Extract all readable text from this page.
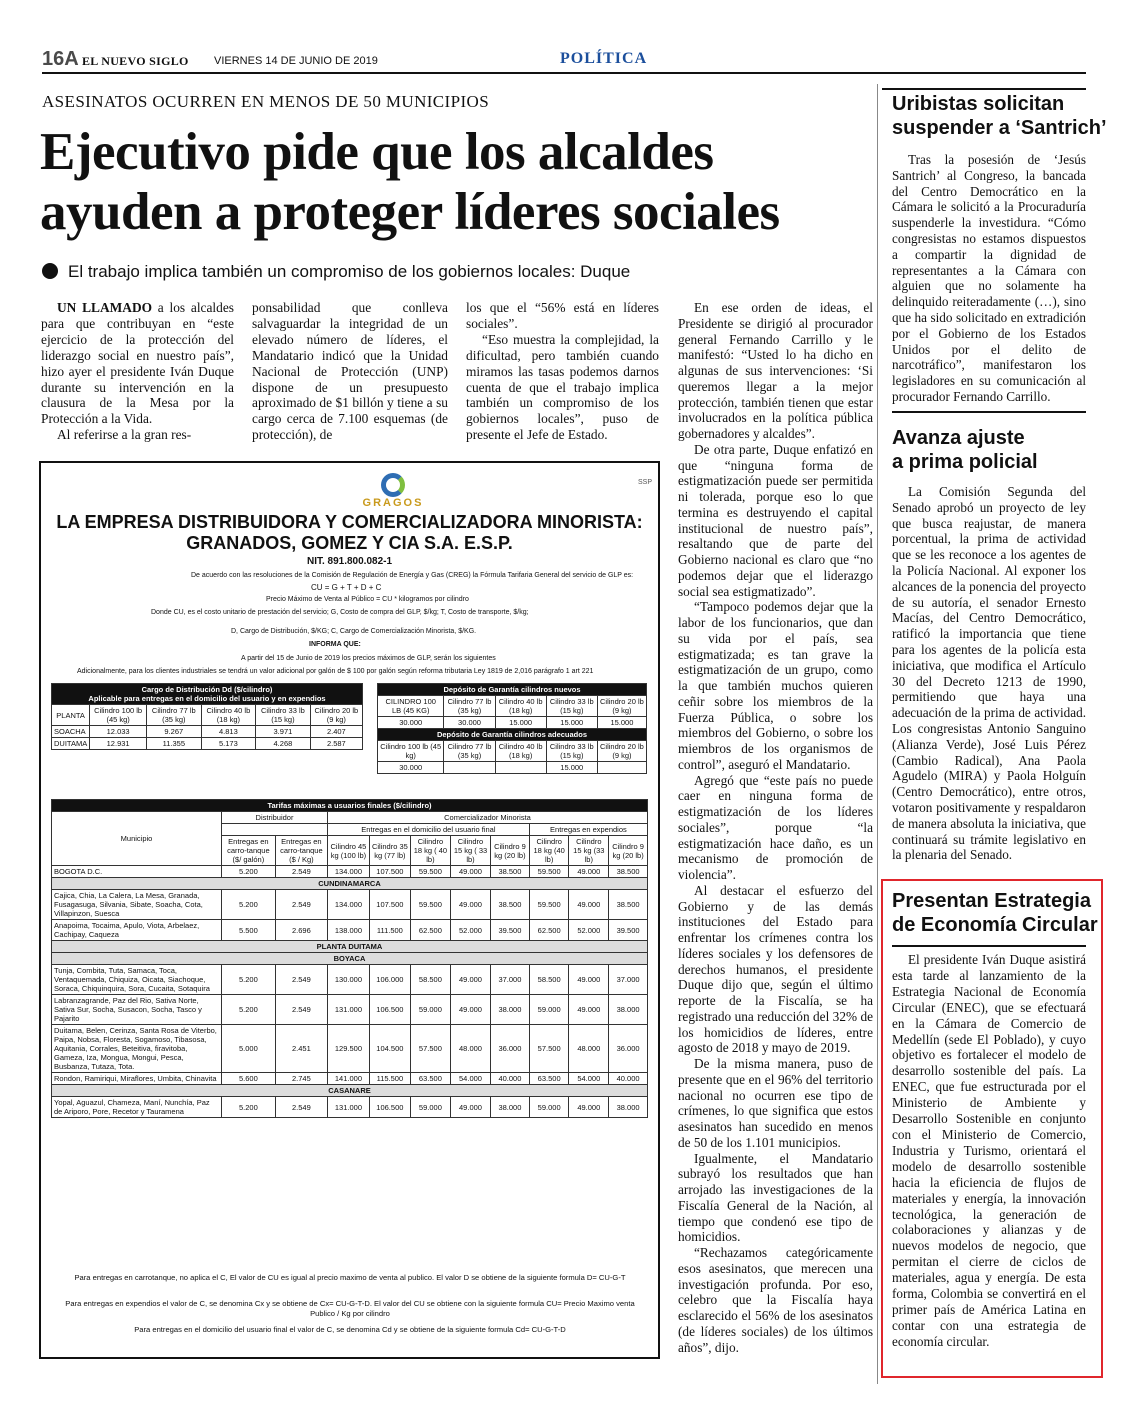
16A EL NUEVO SIGLO VIERNES 14 DE JUNIO DE 2019	POLÍTICA
ASESINATOS OCURREN EN MENOS DE 50 MUNICIPIOS
Ejecutivo pide que los alcaldes
ayuden a proteger líderes sociales
El trabajo implica también un compromiso de los gobiernos locales: Duque

UN LLAMADO a los alcaldes para que contribuyan en “este ejercicio de la protección del liderazgo social en nuestro país”, hizo ayer el presidente Iván Duque durante su intervención en la clausura de la Mesa por la Protección a la Vida.

Al referirse a la gran res-

ponsabilidad que conlleva salvaguardar la integridad de un elevado número de líderes, el Mandatario indicó que la Unidad Nacional de Protección (UNP) dispone de un presupuesto aproximado de $1 billón y tiene a su cargo cerca de 7.100 esquemas (de protección), de

los que el “56% está en líderes sociales”.

“Eso muestra la complejidad, la dificultad, pero también cuando miramos las tasas podemos darnos cuenta de que el trabajo implica también un compromiso de los gobiernos locales”, puso de presente el Jefe de Estado.

En ese orden de ideas, el Presidente se dirigió al procurador general Fernando Carrillo y le manifestó: “Usted lo ha dicho en algunas de sus intervenciones: ‘Si queremos llegar a la mejor protección, también tienen que estar involucrados en la política pública gobernadores y alcaldes”.

De otra parte, Duque enfatizó en que “ninguna forma de estigmatización puede ser permitida ni tolerada, porque eso lo que termina es destruyendo el capital institucional de nuestro país”, resaltando que de parte del Gobierno nacional es claro que “no podemos dejar que el liderazgo social sea estigmatizado”.

“Tampoco podemos dejar que la labor de los funcionarios, que dan su vida por el país, sea estigmatizada; es tan grave la estigmatización de un grupo, como la que también muchos quieren ceñir sobre los miembros de la Fuerza Pública, o sobre los miembros del Gobierno, o sobre los miembros de los organismos de control”, aseguró el Mandatario.

Agregó que “este país no puede caer en ninguna forma de estigmatización de los líderes sociales”, porque “la estigmatización hace daño, es un mecanismo de promoción de violencia”.

Al destacar el esfuerzo del Gobierno y de las demás instituciones del Estado para enfrentar los crímenes contra los líderes sociales y los defensores de derechos humanos, el presidente Duque dijo que, según el último reporte de la Fiscalía, se ha registrado una reducción del 32% de los homicidios de líderes, entre agosto de 2018 y mayo de 2019.

De la misma manera, puso de presente que en el 96% del territorio nacional no ocurren ese tipo de crímenes, lo que significa que estos asesinatos han sucedido en menos de 50 de los 1.101 municipios.

Igualmente, el Mandatario subrayó los resultados que han arrojado las investigaciones de la Fiscalía General de la Nación, al tiempo que condenó ese tipo de homicidios.

“Rechazamos categóricamente esos asesinatos, que merecen una investigación profunda. Por eso, celebro que la Fiscalía haya esclarecido el 56% de los asesinatos (de líderes sociales) de los últimos años”, dijo.

GRAGOS
SSP
LA EMPRESA DISTRIBUIDORA Y COMERCIALIZADORA MINORISTA:
GRANADOS, GOMEZ Y CIA S.A. E.S.P.
NIT. 891.800.082-1
De acuerdo con las resoluciones de la Comisión de Regulación de Energía y Gas (CREG) la Fórmula Tarifaria General del servicio de GLP es:
CU = G + T + D + C
Precio Máximo de Venta al Público = CU * kilogramos por cilindro
Donde CU, es el costo unitario de prestación del servicio; G, Costo de compra del GLP, $/kg; T, Costo de transporte, $/kg;
D, Cargo de Distribución, $/KG; C, Cargo de Comercialización Minorista, $/KG.
INFORMA QUE:
A partir del 15 de Junio de 2019 los precios máximos de GLP, serán los siguientes
Adicionalmente, para los clientes industriales se tendrá un valor adicional por galón de $ 100 por galón según reforma tributaria Ley 1819 de 2,016 parágrafo 1 art 221
Cargo de Distribución Dd ($/cilindro)
Aplicable para entregas en el domicilio del usuario y en expendios					
PLANTA	Cilindro 100 lb (45 kg)	Cilindro 77 lb (35 kg)	Cilindro 40 lb (18 kg)	Cilindro 33 lb (15 kg)	Cilindro 20 lb (9 kg)
SOACHA	12.033	9.267	4.813	3.971	2.407
DUITAMA	12.931	11.355	5.173	4.268	2.587
Depósito de Garantía cilindros nuevos				
CILINDRO 100 LB (45 KG)	Cilindro 77 lb (35 kg)	Cilindro 40 lb (18 kg)	Cilindro 33 lb (15 kg)	Cilindro 20 lb (9 kg)
30.000	30.000	15.000	15.000	15.000
Depósito de Garantía cilindros adecuados				
Cilindro 100 lb (45 kg)	Cilindro 77 lb (35 kg)	Cilindro 40 lb (18 kg)	Cilindro 33 lb (15 kg)	Cilindro 20 lb (9 kg)
30.000			15.000	
Tarifas máximas a usuarios finales ($/cilindro)										
Municipio	Distribuidor		Comercializador Minorista							
			Entregas en el domicilio del usuario final					Entregas en expendios		
	Entregas en carro-tanque ($/ galón)	Entregas en carro-tanque ($ / Kg)	Cilindro 45 kg (100 lb)	Cilindro 35 kg (77 lb)	Cilindro 18 kg ( 40 lb)	Cilindro 15 kg ( 33 lb)	Cilindro 9 kg (20 lb)	Cilindro 18 kg (40 lb)	Cilindro 15 kg (33 lb)	Cilindro 9 kg (20 lb)
BOGOTA D.C.	5.200	2.549	134.000	107.500	59.500	49.000	38.500	59.500	49.000	38.500
CUNDINAMARCA										
Cajica, Chia, La Calera, La Mesa, Granada, Fusagasuga, Silvania, Sibate, Soacha, Cota, Villapinzon, Suesca	5.200	2.549	134.000	107.500	59.500	49.000	38.500	59.500	49.000	38.500
Anapoima, Tocaima, Apulo, Viota, Arbelaez, Cachipay, Caqueza	5.500	2.696	138.000	111.500	62.500	52.000	39.500	62.500	52.000	39.500
PLANTA DUITAMA										
BOYACA										
Tunja, Combita, Tuta, Samaca, Toca, Ventaquemada, Chiquiza, Oicata, Siachoque, Soraca, Chiquinquira, Sora, Cucaita, Sotaquira	5.200	2.549	130.000	106.000	58.500	49.000	37.000	58.500	49.000	37.000
Labranzagrande, Paz del Rio, Sativa Norte, Sativa Sur, Socha, Susacon, Socha, Tasco y Pajarito	5.200	2.549	131.000	106.500	59.000	49.000	38.000	59.000	49.000	38.000
Duitama, Belen, Cerinza, Santa Rosa de Viterbo, Paipa, Nobsa, Floresta, Sogamoso, Tibasosa, Aquitania, Corrales, Beteitiva, firavitoba, Gameza, Iza, Mongua, Mongui, Pesca, Busbanza, Tutaza, Tota.	5.000	2.451	129.500	104.500	57.500	48.000	36.000	57.500	48.000	36.000
Rondon, Ramiriqui, Miraflores, Umbita, Chinavita	5.600	2.745	141.000	115.500	63.500	54.000	40.000	63.500	54.000	40.000
CASANARE										
Yopal, Aguazul, Chameza, Maní, Nunchía, Paz de Ariporo, Pore, Recetor y Tauramena	5.200	2.549	131.000	106.500	59.000	49.000	38.000	59.000	49.000	38.000
Para entregas en carrotanque, no aplica el C, El valor de CU es igual al precio maximo de venta al publico. El valor D se obtiene de la siguiente formula D= CU-G-T
Para entregas en expendios el valor de C, se denomina Cx y se obtiene de Cx= CU-G-T-D. El valor del CU se obtiene con la siguiente formula CU= Precio Maximo venta Publico / Kg por cilindro
Para entregas en el domicilio del usuario final el valor de C, se denomina Cd y se obtiene de la siguiente formula Cd= CU-G-T-D
Uribistas solicitan
suspender a ‘Santrich’

Tras la posesión de ‘Jesús Santrich’ al Congreso, la bancada del Centro Democrático en la Cámara le solicitó a la Procuraduría suspenderle la investidura. “Cómo congresistas no estamos dispuestos a compartir la dignidad de representantes a la Cámara con alguien que no solamente ha delinquido reiteradamente (…), sino que ha sido solicitado en extradición por el Gobierno de los Estados Unidos por el delito de narcotráfico”, manifestaron los legisladores en su comunicación al procurador Fernando Carrillo.

Avanza ajuste
a prima policial

La Comisión Segunda del Senado aprobó un proyecto de ley que busca reajustar, de manera porcentual, la prima de actividad que se les reconoce a los agentes de la Policía Nacional. Al exponer los alcances de la ponencia del proyecto de su autoría, el senador Ernesto Macías, del Centro Democrático, ratificó la importancia que tiene para los agentes de la policía esta iniciativa, que modifica el Artículo 30 del Decreto 1213 de 1990, permitiendo que haya una adecuación de la prima de actividad. Los congresistas Antonio Sanguino (Alianza Verde), José Luis Pérez (Cambio Radical), Ana Paola Agudelo (MIRA) y Paola Holguín (Centro Democrático), entre otros, votaron positivamente y respaldaron de manera absoluta la iniciativa, que continuará su trámite legislativo en la plenaria del Senado.

Presentan Estrategia
de Economía Circular

El presidente Iván Duque asistirá esta tarde al lanzamiento de la Estrategia Nacional de Economía Circular (ENEC), que se efectuará en la Cámara de Comercio de Medellín (sede El Poblado), y cuyo objetivo es fortalecer el modelo de desarrollo sostenible del país. La ENEC, que fue estructurada por el Ministerio de Ambiente y Desarrollo Sostenible en conjunto con el Ministerio de Comercio, Industria y Turismo, orientará el modelo de desarrollo sostenible hacia la eficiencia de flujos de materiales y energía, la innovación tecnológica, la generación de colaboraciones y alianzas y de nuevos modelos de negocio, que permitan el cierre de ciclos de materiales, agua y energía. De esta forma, Colombia se convertirá en el primer país de América Latina en contar con una estrategia de economía circular.
